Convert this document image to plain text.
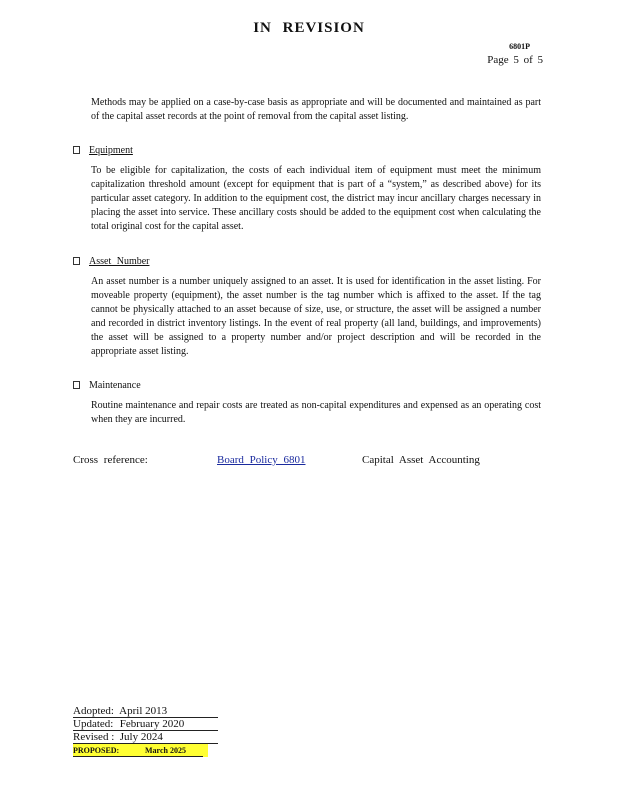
IN REVISION
6801P
Page 5 of 5
Methods may be applied on a case-by-case basis as appropriate and will be documented and maintained as part of the capital asset records at the point of removal from the capital asset listing.
Equipment
To be eligible for capitalization, the costs of each individual item of equipment must meet the minimum capitalization threshold amount (except for equipment that is part of a “system,” as described above) for its particular asset category. In addition to the equipment cost, the district may incur ancillary charges necessary in placing the asset into service. These ancillary costs should be added to the equipment cost when calculating the total original cost for the capital asset.
Asset Number
An asset number is a number uniquely assigned to an asset. It is used for identification in the asset listing. For moveable property (equipment), the asset number is the tag number which is affixed to the asset. If the tag cannot be physically attached to an asset because of size, use, or structure, the asset will be assigned a number and recorded in district inventory listings. In the event of real property (all land, buildings, and improvements) the asset will be assigned to a property number and/or project description and will be recorded in the appropriate asset listing.
Maintenance
Routine maintenance and repair costs are treated as non-capital expenditures and expensed as an operating cost when they are incurred.
Cross reference:	Board Policy 6801	Capital Asset Accounting
Adopted: April 2013
Updated: February 2020
Revised : July 2024
PROPOSED:	March 2025
